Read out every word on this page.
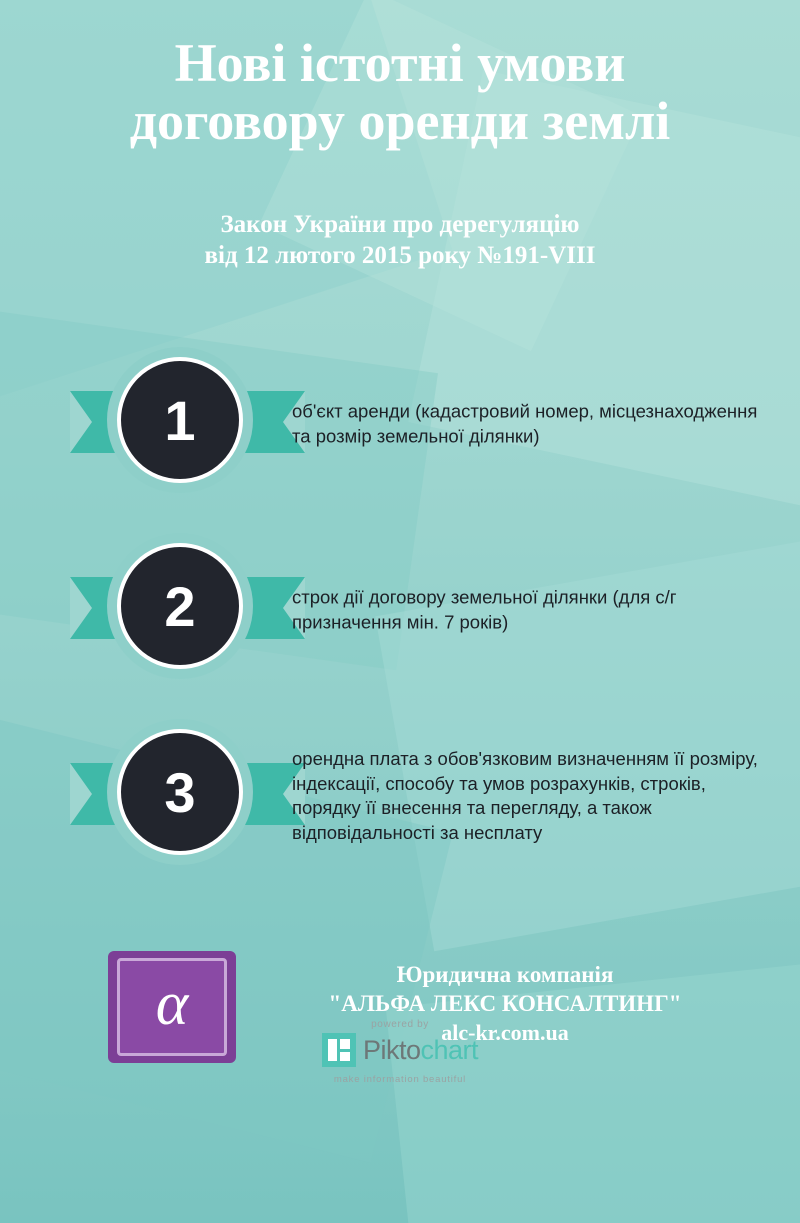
Нові істотні умови
договору оренди землі
Закон України про дерегуляцію
від 12 лютого 2015 року №191-VIII
1	об'єкт аренди (кадастровий номер, місцезнаходження та розмір земельної ділянки)
2	строк дії договору земельної ділянки (для с/г призначення мін. 7 років)
3
орендна плата з обов'язковим визначенням її розміру, індексації, способу та умов розрахунків, строків, порядку її внесення та перегляду, а також відповідальності за несплату
α	Юридична компанія
"АЛЬФА ЛЕКС КОНСАЛТИНГ"
alc-kr.com.ua
powered by
Piktochart
make information beautiful
